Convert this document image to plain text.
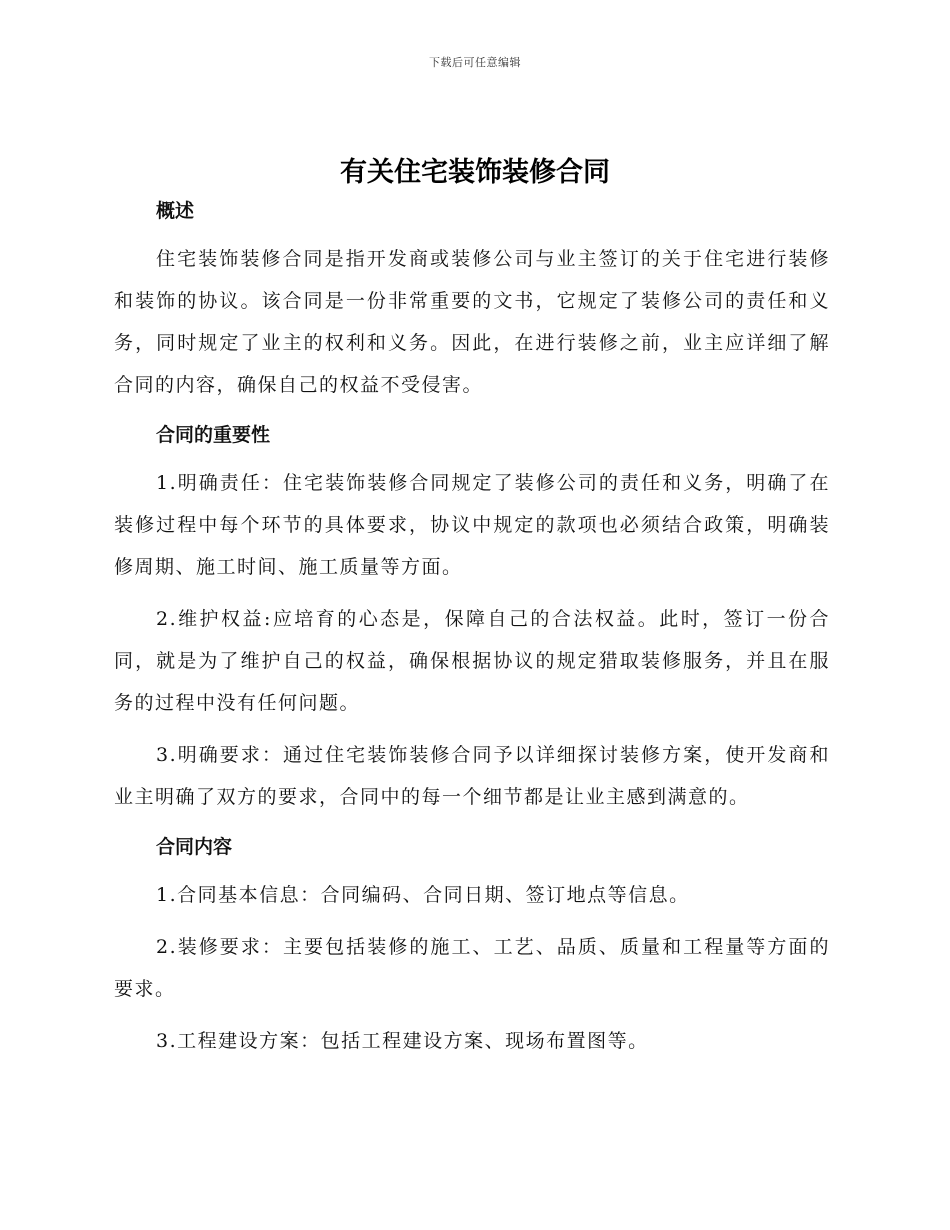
下载后可任意编辑
有关住宅装饰装修合同
概述

住宅装饰装修合同是指开发商或装修公司与业主签订的关于住宅进行装修和装饰的协议。该合同是一份非常重要的文书，它规定了装修公司的责任和义务，同时规定了业主的权利和义务。因此，在进行装修之前，业主应详细了解合同的内容，确保自己的权益不受侵害。

合同的重要性

1.明确责任：住宅装饰装修合同规定了装修公司的责任和义务，明确了在装修过程中每个环节的具体要求，协议中规定的款项也必须结合政策，明确装修周期、施工时间、施工质量等方面。

2.维护权益:应培育的心态是，保障自己的合法权益。此时，签订一份合同，就是为了维护自己的权益，确保根据协议的规定猎取装修服务，并且在服务的过程中没有任何问题。

3.明确要求：通过住宅装饰装修合同予以详细探讨装修方案，使开发商和业主明确了双方的要求，合同中的每一个细节都是让业主感到满意的。

合同内容

1.合同基本信息：合同编码、合同日期、签订地点等信息。

2.装修要求：主要包括装修的施工、工艺、品质、质量和工程量等方面的要求。

3.工程建设方案：包括工程建设方案、现场布置图等。
